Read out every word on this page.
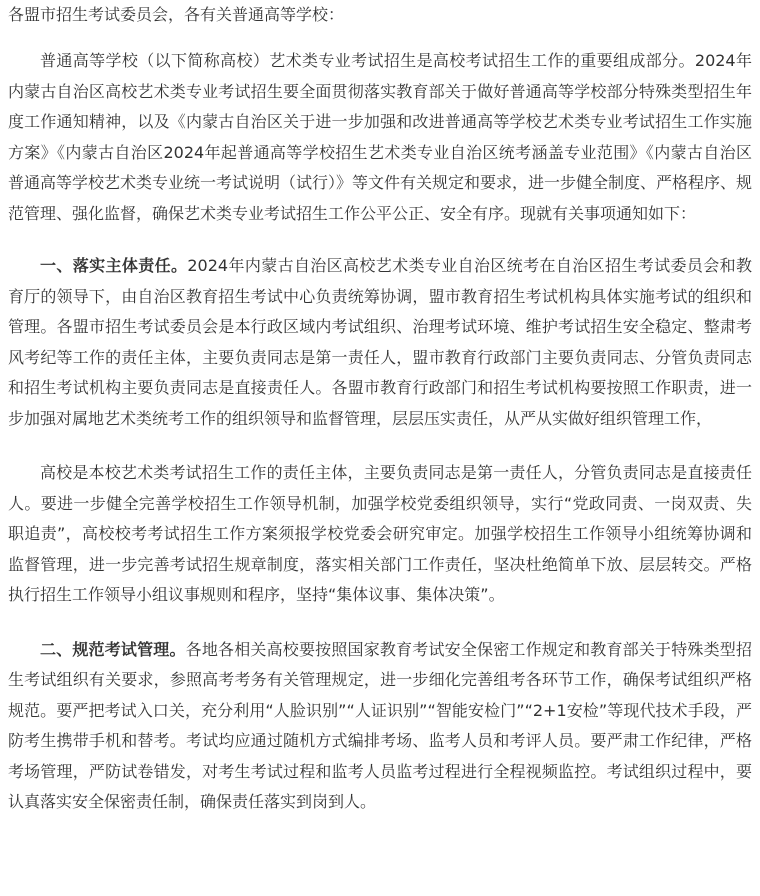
各盟市招生考试委员会，各有关普通高等学校：

普通高等学校（以下简称高校）艺术类专业考试招生是高校考试招生工作的重要组成部分。2024年内蒙古自治区高校艺术类专业考试招生要全面贯彻落实教育部关于做好普通高等学校部分特殊类型招生年度工作通知精神，以及《内蒙古自治区关于进一步加强和改进普通高等学校艺术类专业考试招生工作实施方案》《内蒙古自治区2024年起普通高等学校招生艺术类专业自治区统考涵盖专业范围》《内蒙古自治区普通高等学校艺术类专业统一考试说明（试行）》等文件有关规定和要求，进一步健全制度、严格程序、规范管理、强化监督，确保艺术类专业考试招生工作公平公正、安全有序。现就有关事项通知如下：

一、落实主体责任。2024年内蒙古自治区高校艺术类专业自治区统考在自治区招生考试委员会和教育厅的领导下，由自治区教育招生考试中心负责统筹协调，盟市教育招生考试机构具体实施考试的组织和管理。各盟市招生考试委员会是本行政区域内考试组织、治理考试环境、维护考试招生安全稳定、整肃考风考纪等工作的责任主体，主要负责同志是第一责任人，盟市教育行政部门主要负责同志、分管负责同志和招生考试机构主要负责同志是直接责任人。各盟市教育行政部门和招生考试机构要按照工作职责，进一步加强对属地艺术类统考工作的组织领导和监督管理，层层压实责任，从严从实做好组织管理工作，

高校是本校艺术类考试招生工作的责任主体，主要负责同志是第一责任人，分管负责同志是直接责任人。要进一步健全完善学校招生工作领导机制，加强学校党委组织领导，实行“党政同责、一岗双责、失职追责”，高校校考考试招生工作方案须报学校党委会研究审定。加强学校招生工作领导小组统筹协调和监督管理，进一步完善考试招生规章制度，落实相关部门工作责任，坚决杜绝简单下放、层层转交。严格执行招生工作领导小组议事规则和程序，坚持“集体议事、集体决策”。

二、规范考试管理。各地各相关高校要按照国家教育考试安全保密工作规定和教育部关于特殊类型招生考试组织有关要求，参照高考考务有关管理规定，进一步细化完善组考各环节工作，确保考试组织严格规范。要严把考试入口关，充分利用“人脸识别”“人证识别”“智能安检门”“2+1安检”等现代技术手段，严防考生携带手机和替考。考试均应通过随机方式编排考场、监考人员和考评人员。要严肃工作纪律，严格考场管理，严防试卷错发，对考生考试过程和监考人员监考过程进行全程视频监控。考试组织过程中，要认真落实安全保密责任制，确保责任落实到岗到人。
